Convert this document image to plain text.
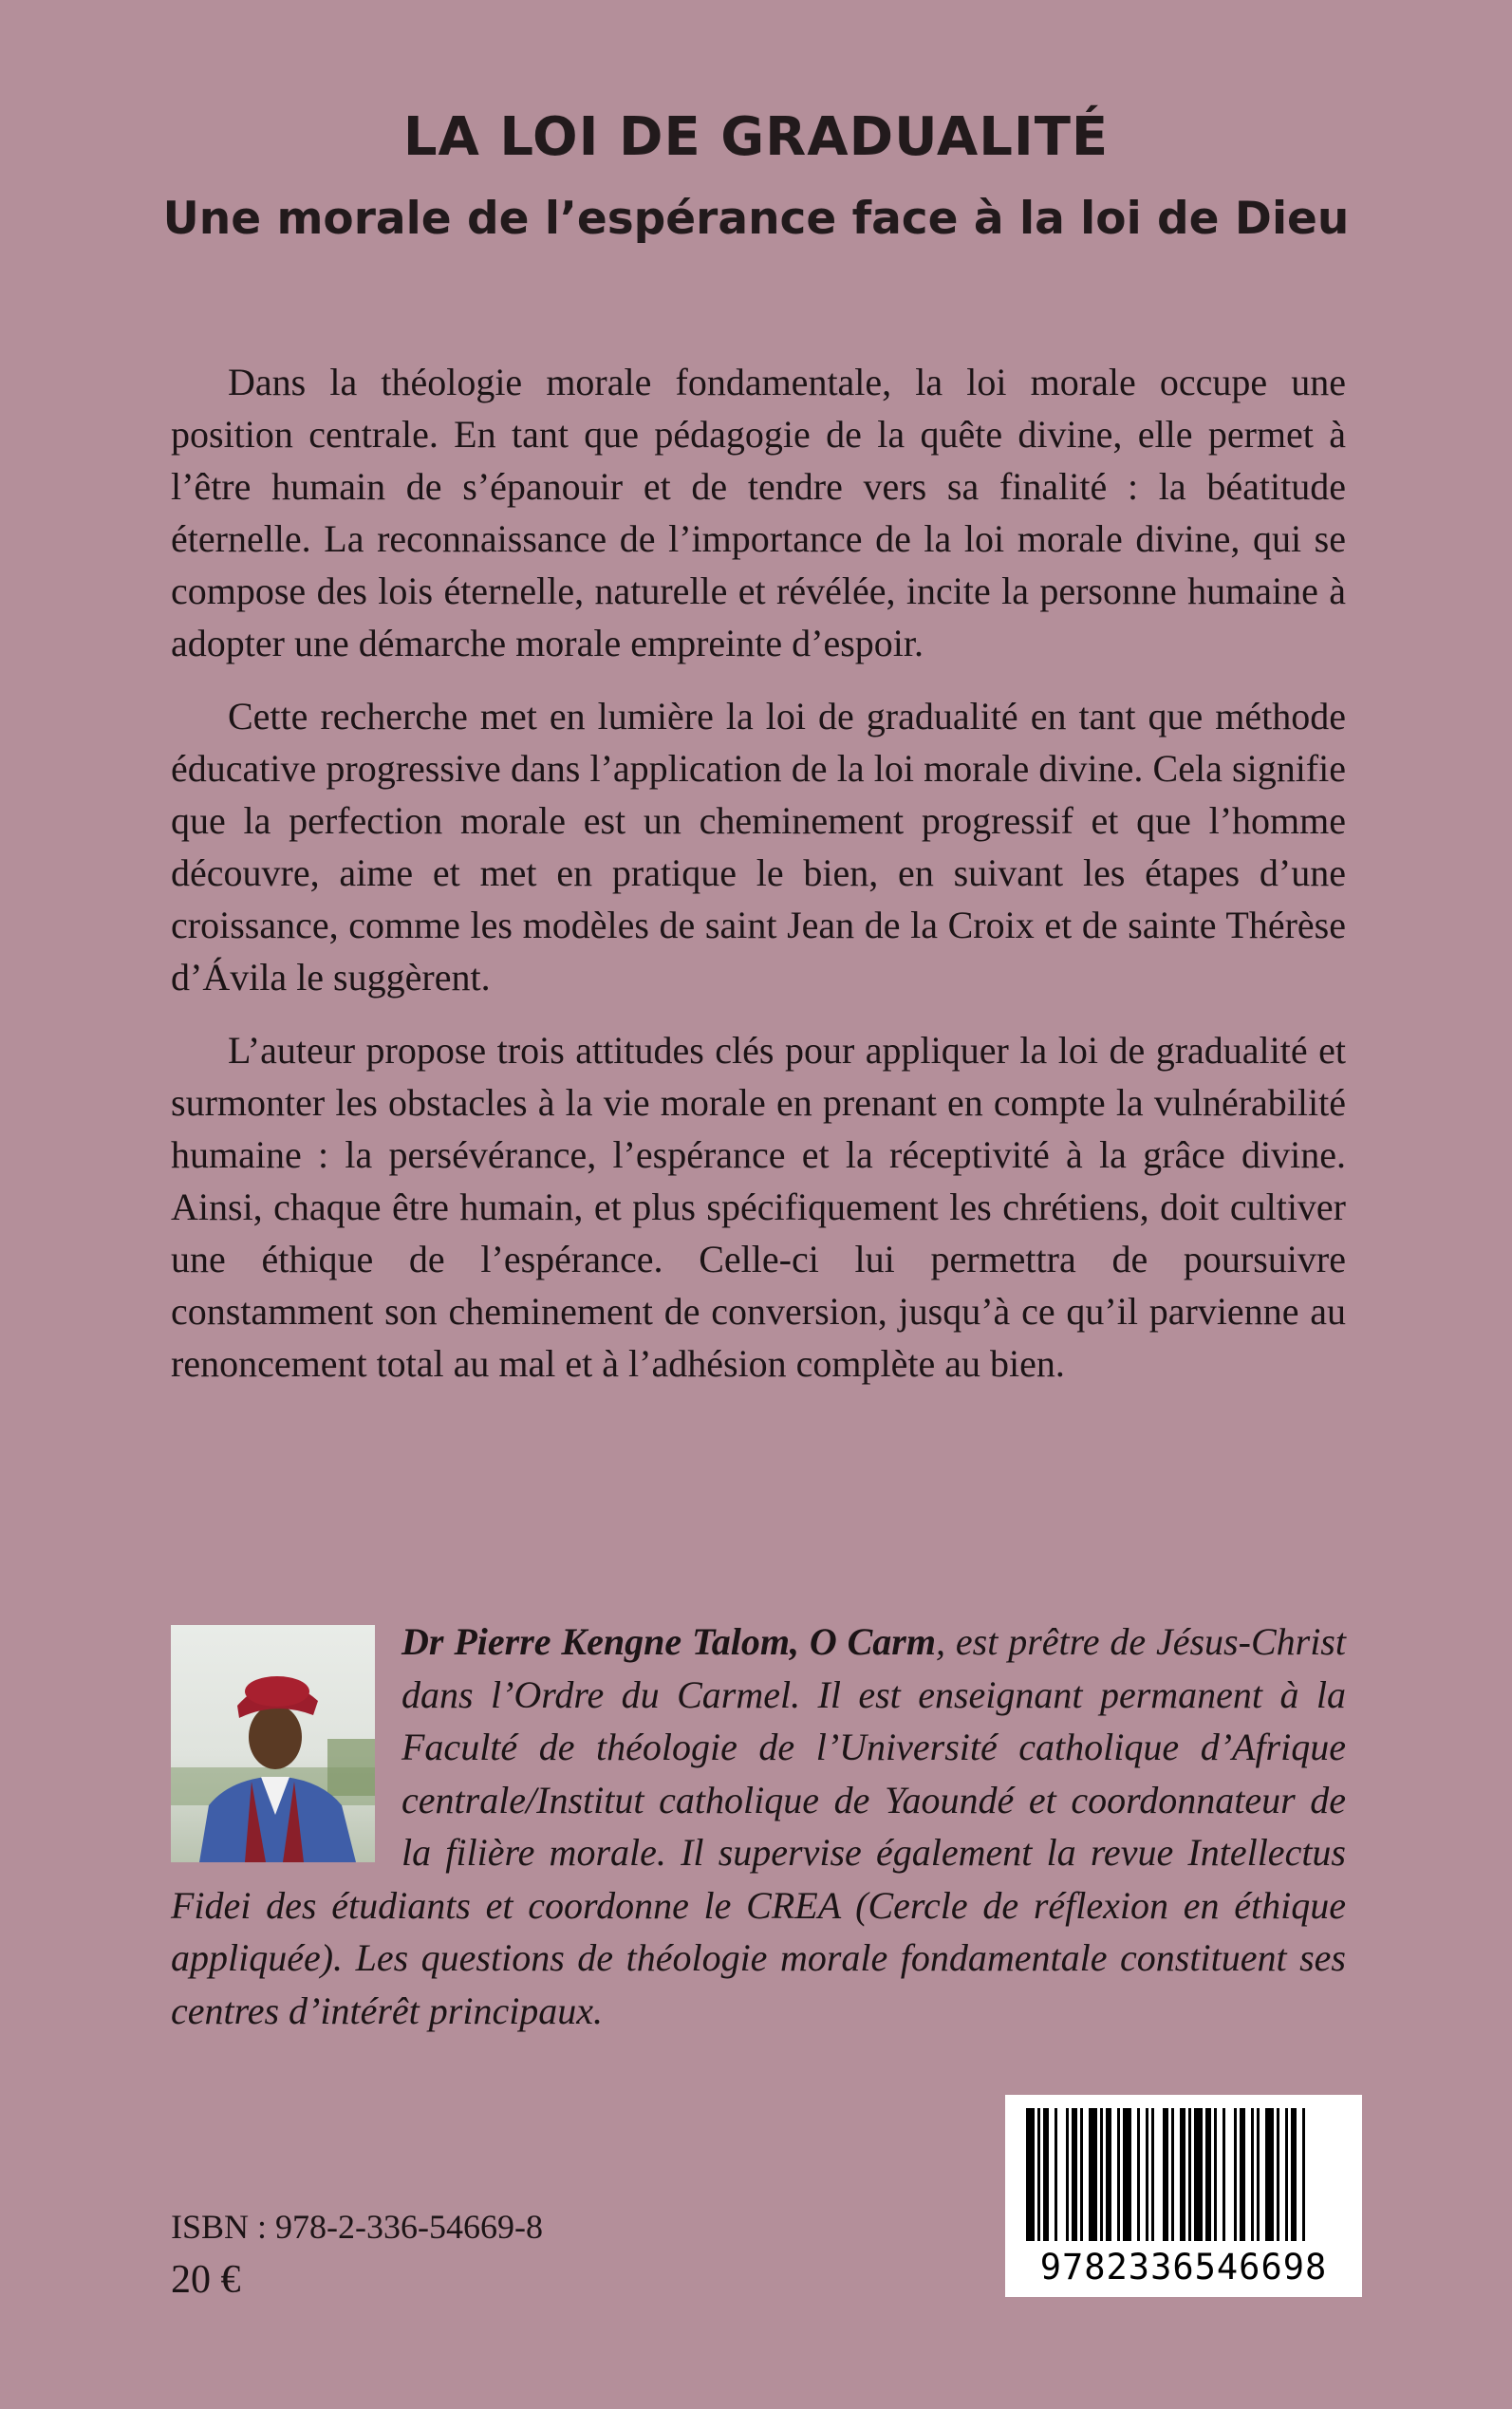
LA LOI DE GRADUALITÉ
Une morale de l’espérance face à la loi de Dieu

Dans la théologie morale fondamentale, la loi morale occupe une position centrale. En tant que pédagogie de la quête divine, elle permet à l’être humain de s’épanouir et de tendre vers sa finalité : la béatitude éternelle. La reconnaissance de l’importance de la loi morale divine, qui se compose des lois éternelle, naturelle et révélée, incite la personne humaine à adopter une démarche morale empreinte d’espoir.

Cette recherche met en lumière la loi de gradualité en tant que méthode éducative progressive dans l’application de la loi morale divine. Cela signifie que la perfection morale est un cheminement progressif et que l’homme découvre, aime et met en pratique le bien, en suivant les étapes d’une croissance, comme les modèles de saint Jean de la Croix et de sainte Thérèse d’Ávila le suggèrent.

L’auteur propose trois attitudes clés pour appliquer la loi de gradualité et surmonter les obstacles à la vie morale en prenant en compte la vulnérabilité humaine : la persévérance, l’espérance et la réceptivité à la grâce divine. Ainsi, chaque être humain, et plus spécifiquement les chrétiens, doit cultiver une éthique de l’espérance. Celle-ci lui permettra de poursuivre constamment son cheminement de conversion, jusqu’à ce qu’il parvienne au renoncement total au mal et à l’adhésion complète au bien.

Dr Pierre Kengne Talom, O Carm, est prêtre de Jésus-Christ dans l’Ordre du Carmel. Il est enseignant permanent à la Faculté de théologie de l’Université catholique d’Afrique centrale/Institut catholique de Yaoundé et coordonnateur de la filière morale. Il supervise également la revue Intellectus Fidei des étudiants et coordonne le CREA (Cercle de réflexion en éthique appliquée). Les questions de théologie morale fondamentale constituent ses centres d’intérêt principaux.

ISBN : 978-2-336-54669-8

20 €	9782336546698
